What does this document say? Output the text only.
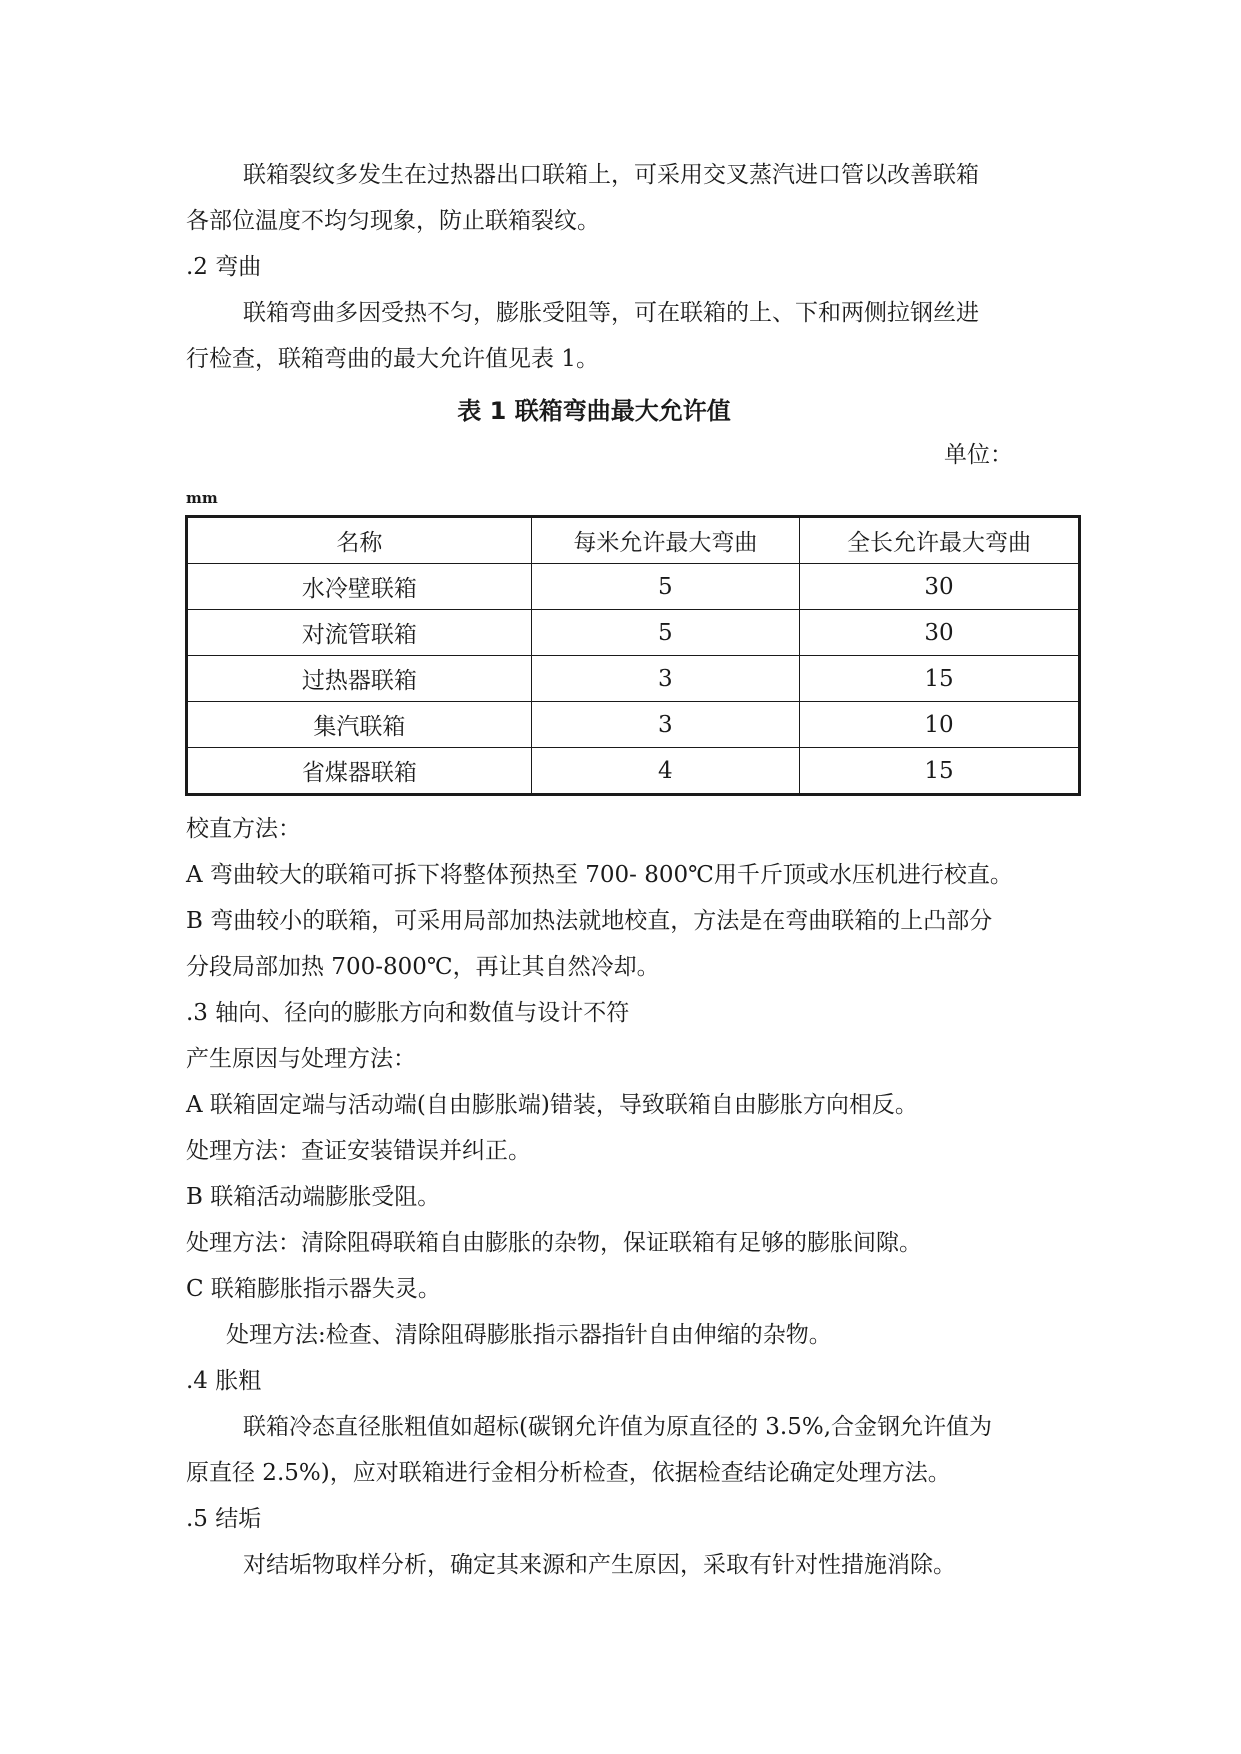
联箱裂纹多发生在过热器出口联箱上，可采用交叉蒸汽进口管以改善联箱
各部位温度不均匀现象，防止联箱裂纹。
.2 弯曲
联箱弯曲多因受热不匀，膨胀受阻等，可在联箱的上、下和两侧拉钢丝进
行检查，联箱弯曲的最大允许值见表 1。
表 1 联箱弯曲最大允许值
单位：
mm
名称	每米允许最大弯曲	全长允许最大弯曲
水冷壁联箱	5	30
对流管联箱	5	30
过热器联箱	3	15
集汽联箱	3	10
省煤器联箱	4	15
校直方法：
A 弯曲较大的联箱可拆下将整体预热至 700- 800℃用千斤顶或水压机进行校直。
B 弯曲较小的联箱，可采用局部加热法就地校直，方法是在弯曲联箱的上凸部分
分段局部加热 700-800℃，再让其自然冷却。
.3 轴向、径向的膨胀方向和数值与设计不符
产生原因与处理方法：
A 联箱固定端与活动端(自由膨胀端)错装，导致联箱自由膨胀方向相反。
处理方法：查证安装错误并纠正。
B 联箱活动端膨胀受阻。
处理方法：清除阻碍联箱自由膨胀的杂物，保证联箱有足够的膨胀间隙。
C 联箱膨胀指示器失灵。
处理方法:检查、清除阻碍膨胀指示器指针自由伸缩的杂物。
.4 胀粗
联箱冷态直径胀粗值如超标(碳钢允许值为原直径的 3.5%,合金钢允许值为
原直径 2.5%)，应对联箱进行金相分析检查，依据检查结论确定处理方法。
.5 结垢
对结垢物取样分析，确定其来源和产生原因，采取有针对性措施消除。
